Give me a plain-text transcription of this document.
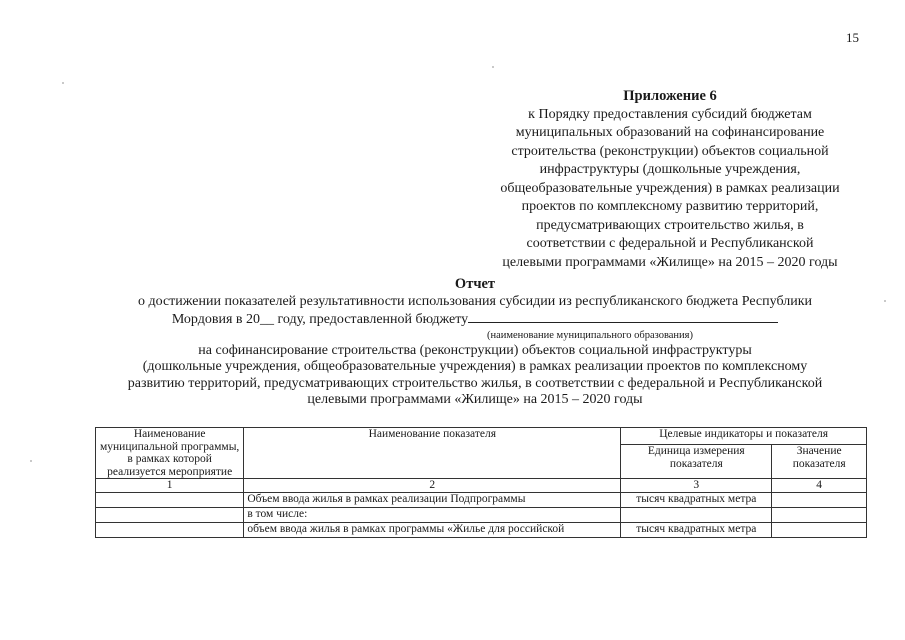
15
Приложение 6
к Порядку предоставления субсидий бюджетам
муниципальных образований на софинансирование
строительства (реконструкции) объектов социальной
инфраструктуры (дошкольные учреждения,
общеобразовательные учреждения) в рамках реализации
проектов по комплексному развитию территорий,
предусматривающих строительство жилья, в
соответствии с федеральной и Республиканской
целевыми программами «Жилище» на 2015 – 2020 годы
Отчет
о достижении показателей результативности использования субсидии из республиканского бюджета Республики
Мордовия в 20__ году, предоставленной бюджету
(наименование муниципального образования)
на софинансирование строительства (реконструкции) объектов социальной инфраструктуры
(дошкольные учреждения, общеобразовательные учреждения) в рамках реализации проектов по комплексному
развитию территорий, предусматривающих строительство жилья, в соответствии с федеральной и Республиканской
целевыми программами «Жилище» на 2015 – 2020 годы
Наименование муниципальной программы, в рамках которой реализуется мероприятие	Наименование показателя	Целевые индикаторы и показателя	
		Единица измерения показателя	Значение показателя
1	2	3	4
	Объем ввода жилья в рамках реализации Подпрограммы	тысяч квадратных метра	
	в том числе:		
	объем ввода жилья в рамках программы «Жилье для российской	тысяч квадратных метра	
